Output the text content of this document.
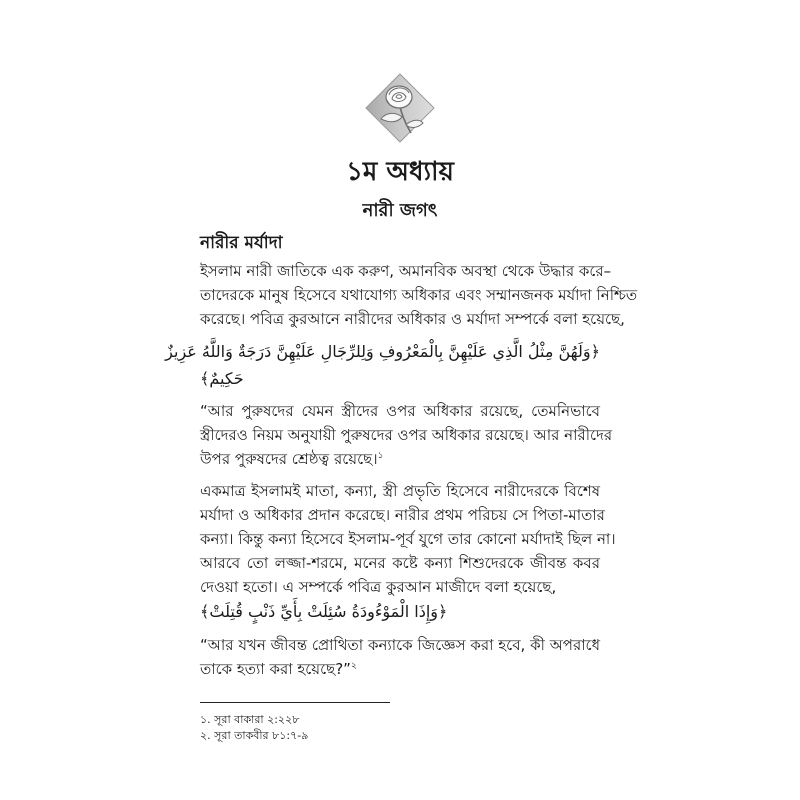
১ম অধ্যায়
নারী জগৎ
নারীর মর্যাদা
ইসলাম নারী জাতিকে এক করুণ, অমানবিক অবস্থা থেকে উদ্ধার করে–
তাদেরকে মানুষ হিসেবে যথাযোগ্য অধিকার এবং সম্মানজনক মর্যাদা নিশ্চিত
করেছে। পবিত্র কুরআনে নারীদের অধিকার ও মর্যাদা সম্পর্কে বলা হয়েছে,
﴿وَلَهُنَّ مِثْلُ الَّذِي عَلَيْهِنَّ بِالْمَعْرُوفِ وَلِلرِّجَالِ عَلَيْهِنَّ دَرَجَةٌ وَاللَّهُ عَزِيزٌ
حَكِيمٌ﴾
“আর পুরুষদের যেমন স্ত্রীদের ওপর অধিকার রয়েছে, তেমনিভাবে
স্ত্রীদেরও নিয়ম অনুযায়ী পুরুষদের ওপর অধিকার রয়েছে। আর নারীদের
উপর পুরুষদের শ্রেষ্ঠত্ব রয়েছে।$^১$
একমাত্র ইসলামই মাতা, কন্যা, স্ত্রী প্রভৃতি হিসেবে নারীদেরকে বিশেষ
মর্যাদা ও অধিকার প্রদান করেছে। নারীর প্রথম পরিচয় সে পিতা-মাতার
কন্যা। কিন্তু কন্যা হিসেবে ইসলাম-পূর্ব যুগে তার কোনো মর্যাদাই ছিল না।
আরবে তো লজ্জা-শরমে, মনের কষ্টে কন্যা শিশুদেরকে জীবন্ত কবর
দেওয়া হতো। এ সম্পর্কে পবিত্র কুরআন মাজীদে বলা হয়েছে,
﴿وَإِذَا الْمَوْءُودَةُ سُئِلَتْ بِأَيِّ ذَنْبٍ قُتِلَتْ﴾
“আর যখন জীবন্ত প্রোথিতা কন্যাকে জিজ্ঞেস করা হবে, কী অপরাধে
তাকে হত্যা করা হয়েছে?”$^২$
১. সূরা বাকারা ২:২২৮
২. সূরা তাকবীর ৮১:৭-৯
